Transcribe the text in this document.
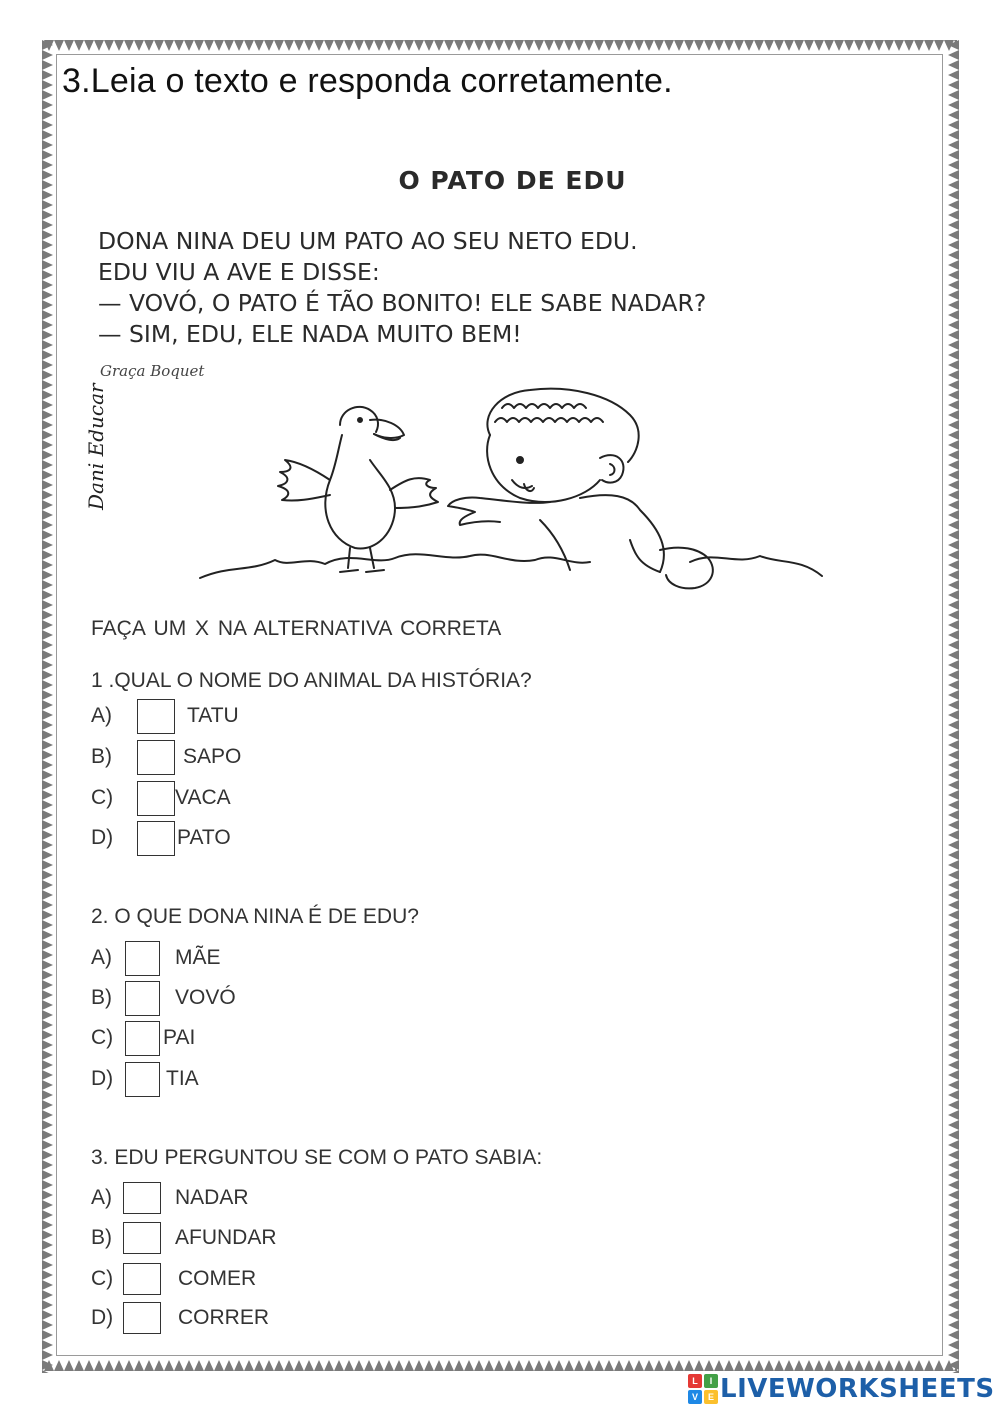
3.Leia o texto e responda corretamente.
O PATO DE EDU
DONA NINA DEU UM PATO AO SEU NETO EDU.
EDU VIU A AVE E DISSE:
— VOVÓ, O PATO É TÃO BONITO! ELE SABE NADAR?
— SIM, EDU, ELE NADA MUITO BEM!
Graça Boquet
Dani Educar
FAÇA UM X NA ALTERNATIVA CORRETA
1 .QUAL O NOME DO ANIMAL DA HISTÓRIA?
A)	TATU
B)	SAPO
C)	VACA
D)	PATO
2. O QUE DONA NINA É DE EDU?
A)	MÃE
B)	VOVÓ
C)	PAI
D)	TIA
3. EDU PERGUNTOU SE COM O PATO SABIA:
A)	NADAR
B)	AFUNDAR
C)	COMER
D)	CORRER
L	I
V	E LIVEWORKSHEETS
